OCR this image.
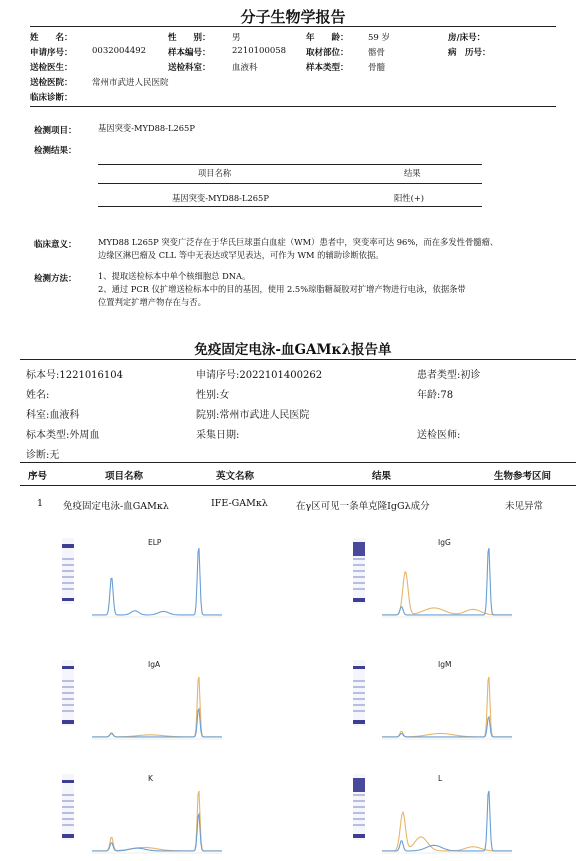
分子生物学报告
姓　　名：	性　　别：	男	年　　龄： 59 岁	房/床号：
申请序号： 0032004492	样本编号：	2210100058 取材部位： 髂骨	病　历号：
送检医生：	送检科室：	血液科	样本类型： 骨髓
送检医院： 常州市武进人民医院
临床诊断：
检测项目：	基因突变-MYD88-L265P
检测结果：
项目名称	结果
基因突变-MYD88-L265P	阳性(+)
临床意义：	MYD88 L265P 突变广泛存在于华氏巨球蛋白血症（WM）患者中，突变率可达 96%，而在多发性骨髓瘤、
边缘区淋巴瘤及 CLL 等中无表达或罕见表达，可作为 WM 的辅助诊断依据。
检测方法：	1、提取送检标本中单个核细胞总 DNA。
2、通过 PCR 仪扩增送检标本中的目的基因，使用 2.5%琼脂糖凝胶对扩增产物进行电泳，依据条带
位置判定扩增产物存在与否。
免疫固定电泳-血GAMκλ报告单
标本号:1221016104	申请序号:2022101400262	患者类型:初诊
姓名:	性别:女	年龄:78
科室:血液科	院别:常州市武进人民医院
标本类型:外周血	采集日期:	送检医师:
诊断:无
序号	项目名称	英文名称	结果	生物参考区间
1 免疫固定电泳-血GAMκλ	IFE-GAMκλ	在γ区可见一条单克隆IgGλ成分	未见异常
ELP	IgG
IgA	IgM
K	L
